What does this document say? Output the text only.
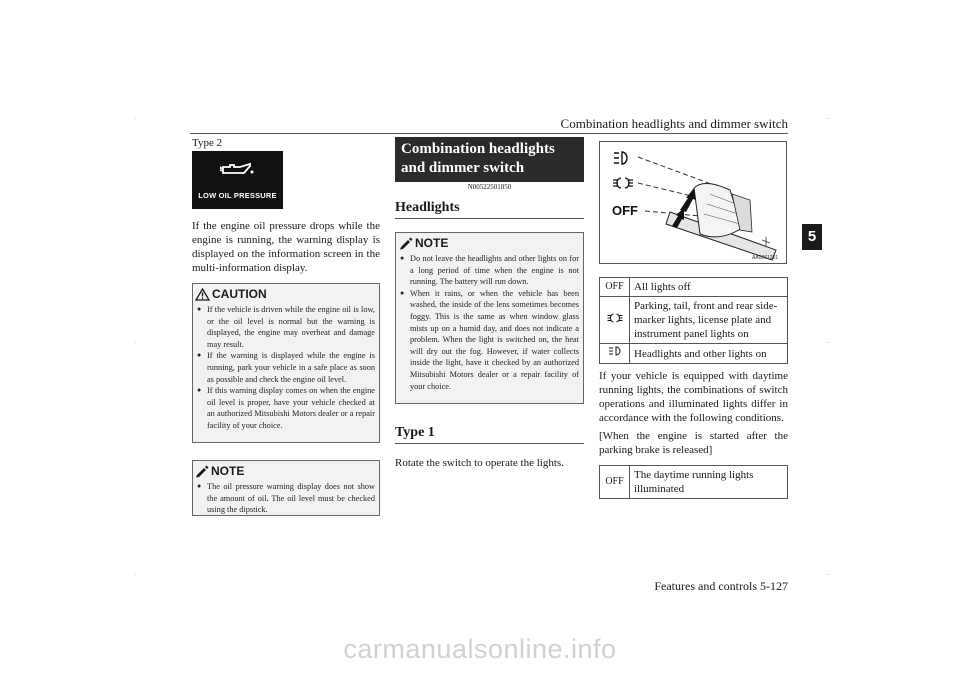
Combination headlights and dimmer switch
5
Type 2
LOW OIL PRESSURE
If the engine oil pressure drops while the engine is running, the warning display is displayed on the information screen in the multi-information display.
CAUTION
● If the vehicle is driven while the engine oil is low, or the oil level is normal but the warning is displayed, the engine may overheat and damage may result.
● If the warning is displayed while the engine is running, park your vehicle in a safe place as soon as possible and check the engine oil level.
● If this warning display comes on when the engine oil level is proper, have your vehicle checked at an authorized Mitsubishi Motors dealer or a repair facility of your choice.
NOTE
● The oil pressure warning display does not show the amount of oil. The oil level must be checked using the dipstick.
Combination headlights and dimmer switch
N00522501850
Headlights
NOTE
● Do not leave the headlights and other lights on for a long period of time when the engine is not running. The battery will run down.
● When it rains, or when the vehicle has been washed, the inside of the lens sometimes becomes foggy. This is the same as when window glass mists up on a humid day, and does not indicate a problem. When the light is switched on, the heat will dry out the fog. However, if water collects inside the light, have it checked by an authorized Mitsubishi Motors dealer or a repair facility of your choice.
Type 1
Rotate the switch to operate the lights.
OFF
AA0061221
OFF	All lights off
	Parking, tail, front and rear side-marker lights, license plate and instrument panel lights on
	Headlights and other lights on
If your vehicle is equipped with daytime running lights, the combinations of switch operations and illuminated lights differ in accordance with the following conditions.
[When the engine is started after the parking brake is released]
OFF	The daytime running lights illuminated
Features and controls 5-127
carmanualsonline.info
